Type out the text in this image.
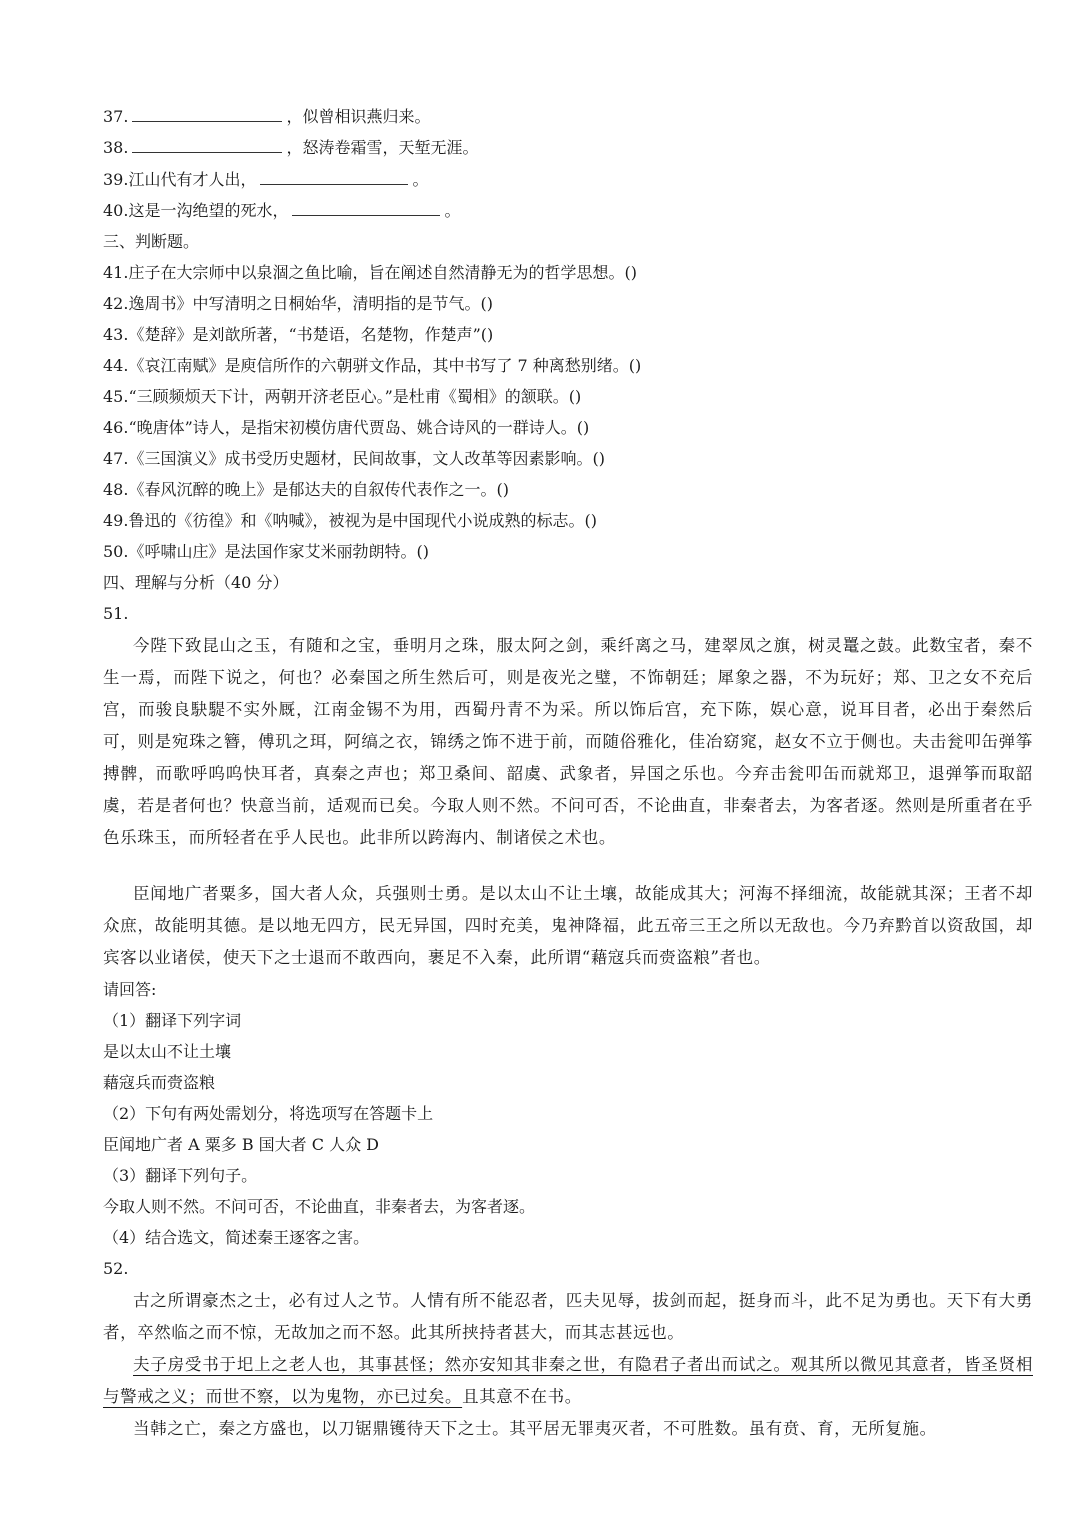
37.	，似曾相识燕归来。
38.	，怒涛卷霜雪，天堑无涯。
39.江山代有才人出，	。
40.这是一沟绝望的死水，	。
三、判断题。
41.庄子在大宗师中以泉涸之鱼比喻，旨在阐述自然清静无为的哲学思想。()
42.逸周书》中写清明之日桐始华，清明指的是节气。()
43.《楚辞》是刘歆所著，“书楚语，名楚物，作楚声”()
44.《哀江南赋》是庾信所作的六朝骈文作品，其中书写了 7 种离愁别绪。()
45.“三顾频烦天下计，两朝开济老臣心。”是杜甫《蜀相》的颔联。()
46.“晚唐体”诗人，是指宋初模仿唐代贾岛、姚合诗风的一群诗人。()
47.《三国演义》成书受历史题材，民间故事，文人改革等因素影响。()
48.《春风沉醉的晚上》是郁达夫的自叙传代表作之一。()
49.鲁迅的《彷徨》和《呐喊》，被视为是中国现代小说成熟的标志。()
50.《呼啸山庄》是法国作家艾米丽勃朗特。()
四、理解与分析（40 分）
51.
今陛下致昆山之玉，有随和之宝，垂明月之珠，服太阿之剑，乘纤离之马，建翠凤之旗，树灵鼍之鼓。此数宝者，秦不生一焉，而陛下说之，何也？必秦国之所生然后可，则是夜光之璧，不饰朝廷；犀象之器，不为玩好；郑、卫之女不充后宫，而骏良駃騠不实外厩，江南金锡不为用，西蜀丹青不为采。所以饰后宫，充下陈，娱心意，说耳目者，必出于秦然后可，则是宛珠之簪，傅玑之珥，阿缟之衣，锦绣之饰不进于前，而随俗雅化，佳冶窈窕，赵女不立于侧也。夫击瓮叩缶弹筝搏髀，而歌呼呜呜快耳者，真秦之声也；郑卫桑间、韶虞、武象者，异国之乐也。今弃击瓮叩缶而就郑卫，退弹筝而取韶虞，若是者何也？快意当前，适观而已矣。今取人则不然。不问可否，不论曲直，非秦者去，为客者逐。然则是所重者在乎色乐珠玉，而所轻者在乎人民也。此非所以跨海内、制诸侯之术也。
臣闻地广者粟多，国大者人众，兵强则士勇。是以太山不让土壤，故能成其大；河海不择细流，故能就其深；王者不却众庶，故能明其德。是以地无四方，民无异国，四时充美，鬼神降福，此五帝三王之所以无敌也。今乃弃黔首以资敌国，却宾客以业诸侯，使天下之士退而不敢西向，裹足不入秦，此所谓“藉寇兵而赍盗粮”者也。
请回答:
（1）翻译下列字词
是以太山不让土壤
藉寇兵而赍盗粮
（2）下句有两处需划分，将选项写在答题卡上
臣闻地广者 A 粟多 B 国大者 C 人众 D
（3）翻译下列句子。
今取人则不然。不问可否，不论曲直，非秦者去，为客者逐。
（4）结合选文，简述秦王逐客之害。
52.
古之所谓豪杰之士，必有过人之节。人情有所不能忍者，匹夫见辱，拔剑而起，挺身而斗，此不足为勇也。天下有大勇者，卒然临之而不惊，无故加之而不怒。此其所挟持者甚大，而其志甚远也。
夫子房受书于圯上之老人也，其事甚怪；然亦安知其非秦之世，有隐君子者出而试之。观其所以微见其意者，皆圣贤相与警戒之义；而世不察，以为鬼物，亦已过矣。且其意不在书。
当韩之亡，秦之方盛也，以刀锯鼎镬待天下之士。其平居无罪夷灭者，不可胜数。虽有贲、育，无所复施。
